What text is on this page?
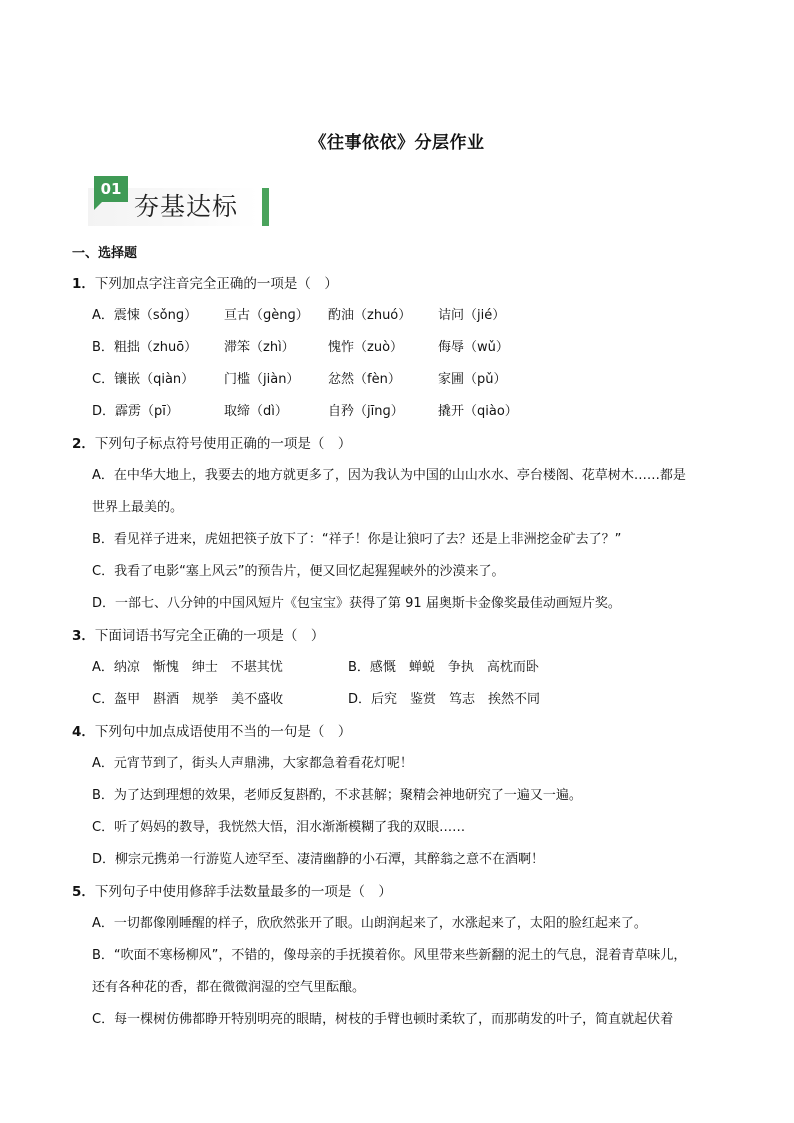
《往事依依》分层作业
01
夯基达标
一、选择题
1．下列加点字注音完全正确的一项是（　）
A．震悚（sǒnɡ） 亘古（ɡènɡ） 酌油（zhuó） 诘问（jié）
B．粗拙（zhuō） 滞笨（zhì）	愧怍（zuò）	侮辱（wǔ）
C．镶嵌（qiàn） 门槛（jiàn） 忿然（fèn）	家圃（pǔ）
D．霹雳（pī）	取缔（dì）	自矜（jīnɡ）	撬开（qiào）
2．下列句子标点符号使用正确的一项是（　）
A．在中华大地上，我要去的地方就更多了，因为我认为中国的山山水水、亭台楼阁、花草树木……都是
世界上最美的。
B．看见祥子进来，虎妞把筷子放下了：“祥子！你是让狼叼了去？还是上非洲挖金矿去了？”
C．我看了电影“塞上风云”的预告片，便又回忆起猩猩峡外的沙漠来了。
D．一部七、八分钟的中国风短片《包宝宝》获得了第 91 届奥斯卡金像奖最佳动画短片奖。
3．下面词语书写完全正确的一项是（　）
A．纳凉　惭愧　绅士　不堪其忧	B．感慨　蝉蜕　争执　高枕而卧
C．盔甲　斟酒　规挙　美不盛收	D．后究　鉴赏　笃志　挨然不同
4．下列句中加点成语使用不当的一句是（　）
A．元宵节到了，街头人声鼎沸，大家都急着看花灯呢！
B．为了达到理想的效果，老师反复斟酌，不求甚解；聚精会神地研究了一遍又一遍。
C．听了妈妈的教导，我恍然大悟，泪水渐渐模糊了我的双眼……
D．柳宗元携弟一行游览人迹罕至、凄清幽静的小石潭，其醉翁之意不在酒啊！
5．下列句子中使用修辞手法数量最多的一项是（　）
A．一切都像刚睡醒的样子，欣欣然张开了眼。山朗润起来了，水涨起来了，太阳的脸红起来了。
B．“吹面不寒杨柳风”，不错的，像母亲的手抚摸着你。风里带来些新翻的泥土的气息，混着青草味儿，
还有各种花的香，都在微微润湿的空气里酝酿。
C．每一棵树仿佛都睁开特别明亮的眼睛，树枝的手臂也顿时柔软了，而那萌发的叶子，简直就起伏着
